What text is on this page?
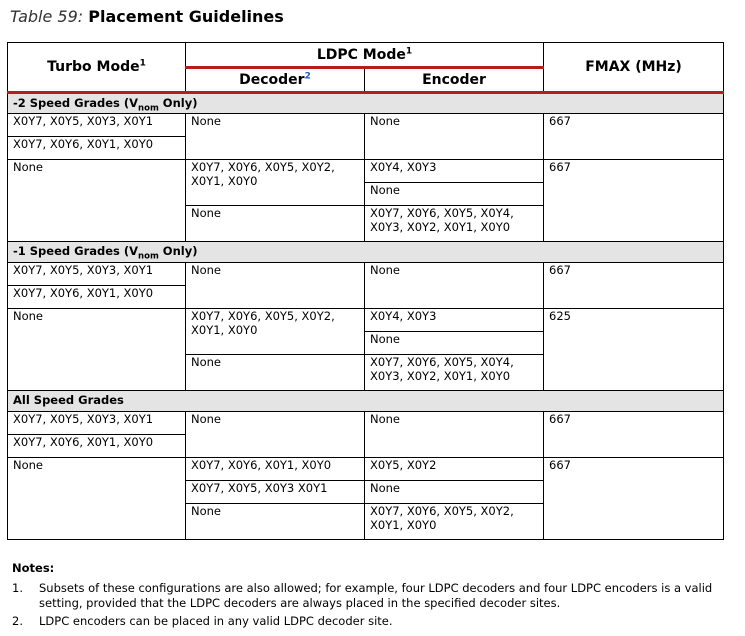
Table 59: Placement Guidelines
Turbo Mode$^1$	LDPC Mode$^1$		FMAX (MHz)
	Decoder$^2$	Encoder	
-2 Speed Grades ($V_{nom}$ Only)			
X0Y7, X0Y5, X0Y3, X0Y1	None	None	667
X0Y7, X0Y6, X0Y1, X0Y0			
None	X0Y7, X0Y6, X0Y5, X0Y2, X0Y1, X0Y0	X0Y4, X0Y3	667
		None	
	None	X0Y7, X0Y6, X0Y5, X0Y4, X0Y3, X0Y2, X0Y1, X0Y0	
-1 Speed Grades ($V_{nom}$ Only)			
X0Y7, X0Y5, X0Y3, X0Y1	None	None	667
X0Y7, X0Y6, X0Y1, X0Y0			
None	X0Y7, X0Y6, X0Y5, X0Y2, X0Y1, X0Y0	X0Y4, X0Y3	625
		None	
	None	X0Y7, X0Y6, X0Y5, X0Y4, X0Y3, X0Y2, X0Y1, X0Y0	
All Speed Grades			
X0Y7, X0Y5, X0Y3, X0Y1	None	None	667
X0Y7, X0Y6, X0Y1, X0Y0			
None	X0Y7, X0Y6, X0Y1, X0Y0	X0Y5, X0Y2	667
	X0Y7, X0Y5, X0Y3 X0Y1	None	
	None	X0Y7, X0Y6, X0Y5, X0Y2, X0Y1, X0Y0	
Notes:
1.	Subsets of these configurations are also allowed; for example, four LDPC decoders and four LDPC encoders is a valid setting, provided that the LDPC decoders are always placed in the specified decoder sites.
2.	LDPC encoders can be placed in any valid LDPC decoder site.
